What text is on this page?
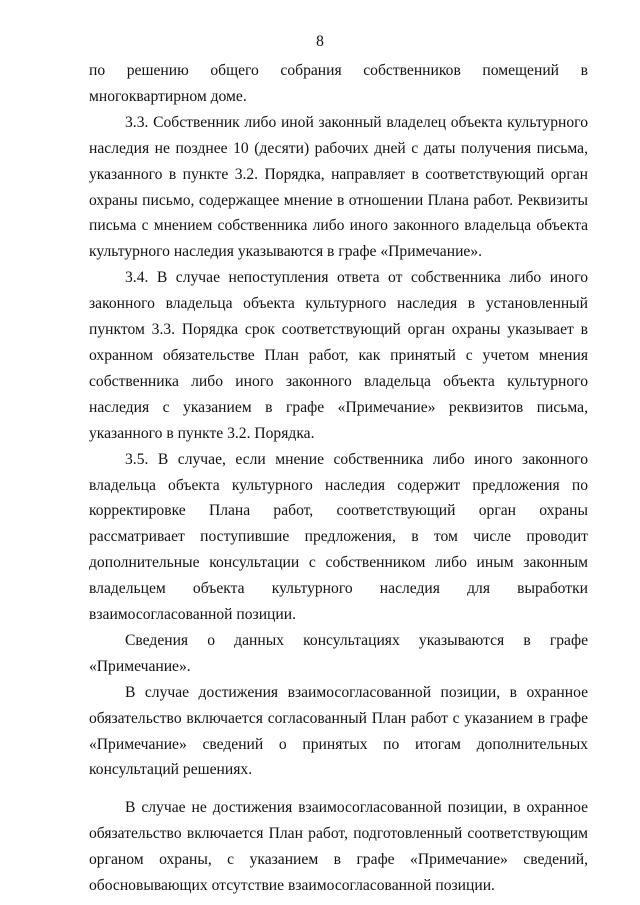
8

по решению общего собрания собственников помещений в многоквартирном доме.

3.3. Собственник либо иной законный владелец объекта культурного наследия не позднее 10 (десяти) рабочих дней с даты получения письма, указанного в пункте 3.2. Порядка, направляет в соответствующий орган охраны письмо, содержащее мнение в отношении Плана работ. Реквизиты письма с мнением собственника либо иного законного владельца объекта культурного наследия указываются в графе «Примечание».

3.4. В случае непоступления ответа от собственника либо иного законного владельца объекта культурного наследия в установленный пунктом 3.3. Порядка срок соответствующий орган охраны указывает в охранном обязательстве План работ, как принятый с учетом мнения собственника либо иного законного владельца объекта культурного наследия с указанием в графе «Примечание» реквизитов письма, указанного в пункте 3.2. Порядка.

3.5. В случае, если мнение собственника либо иного законного владельца объекта культурного наследия содержит предложения по корректировке Плана работ, соответствующий орган охраны рассматривает поступившие предложения, в том числе проводит дополнительные консультации с собственником либо иным законным владельцем объекта культурного наследия для выработки взаимосогласованной позиции.

Сведения о данных консультациях указываются в графе «Примечание».

В случае достижения взаимосогласованной позиции, в охранное обязательство включается согласованный План работ с указанием в графе «Примечание» сведений о принятых по итогам дополнительных консультаций решениях.

В случае не достижения взаимосогласованной позиции, в охранное обязательство включается План работ, подготовленный соответствующим органом охраны, с указанием в графе «Примечание» сведений, обосновывающих отсутствие взаимосогласованной позиции.
